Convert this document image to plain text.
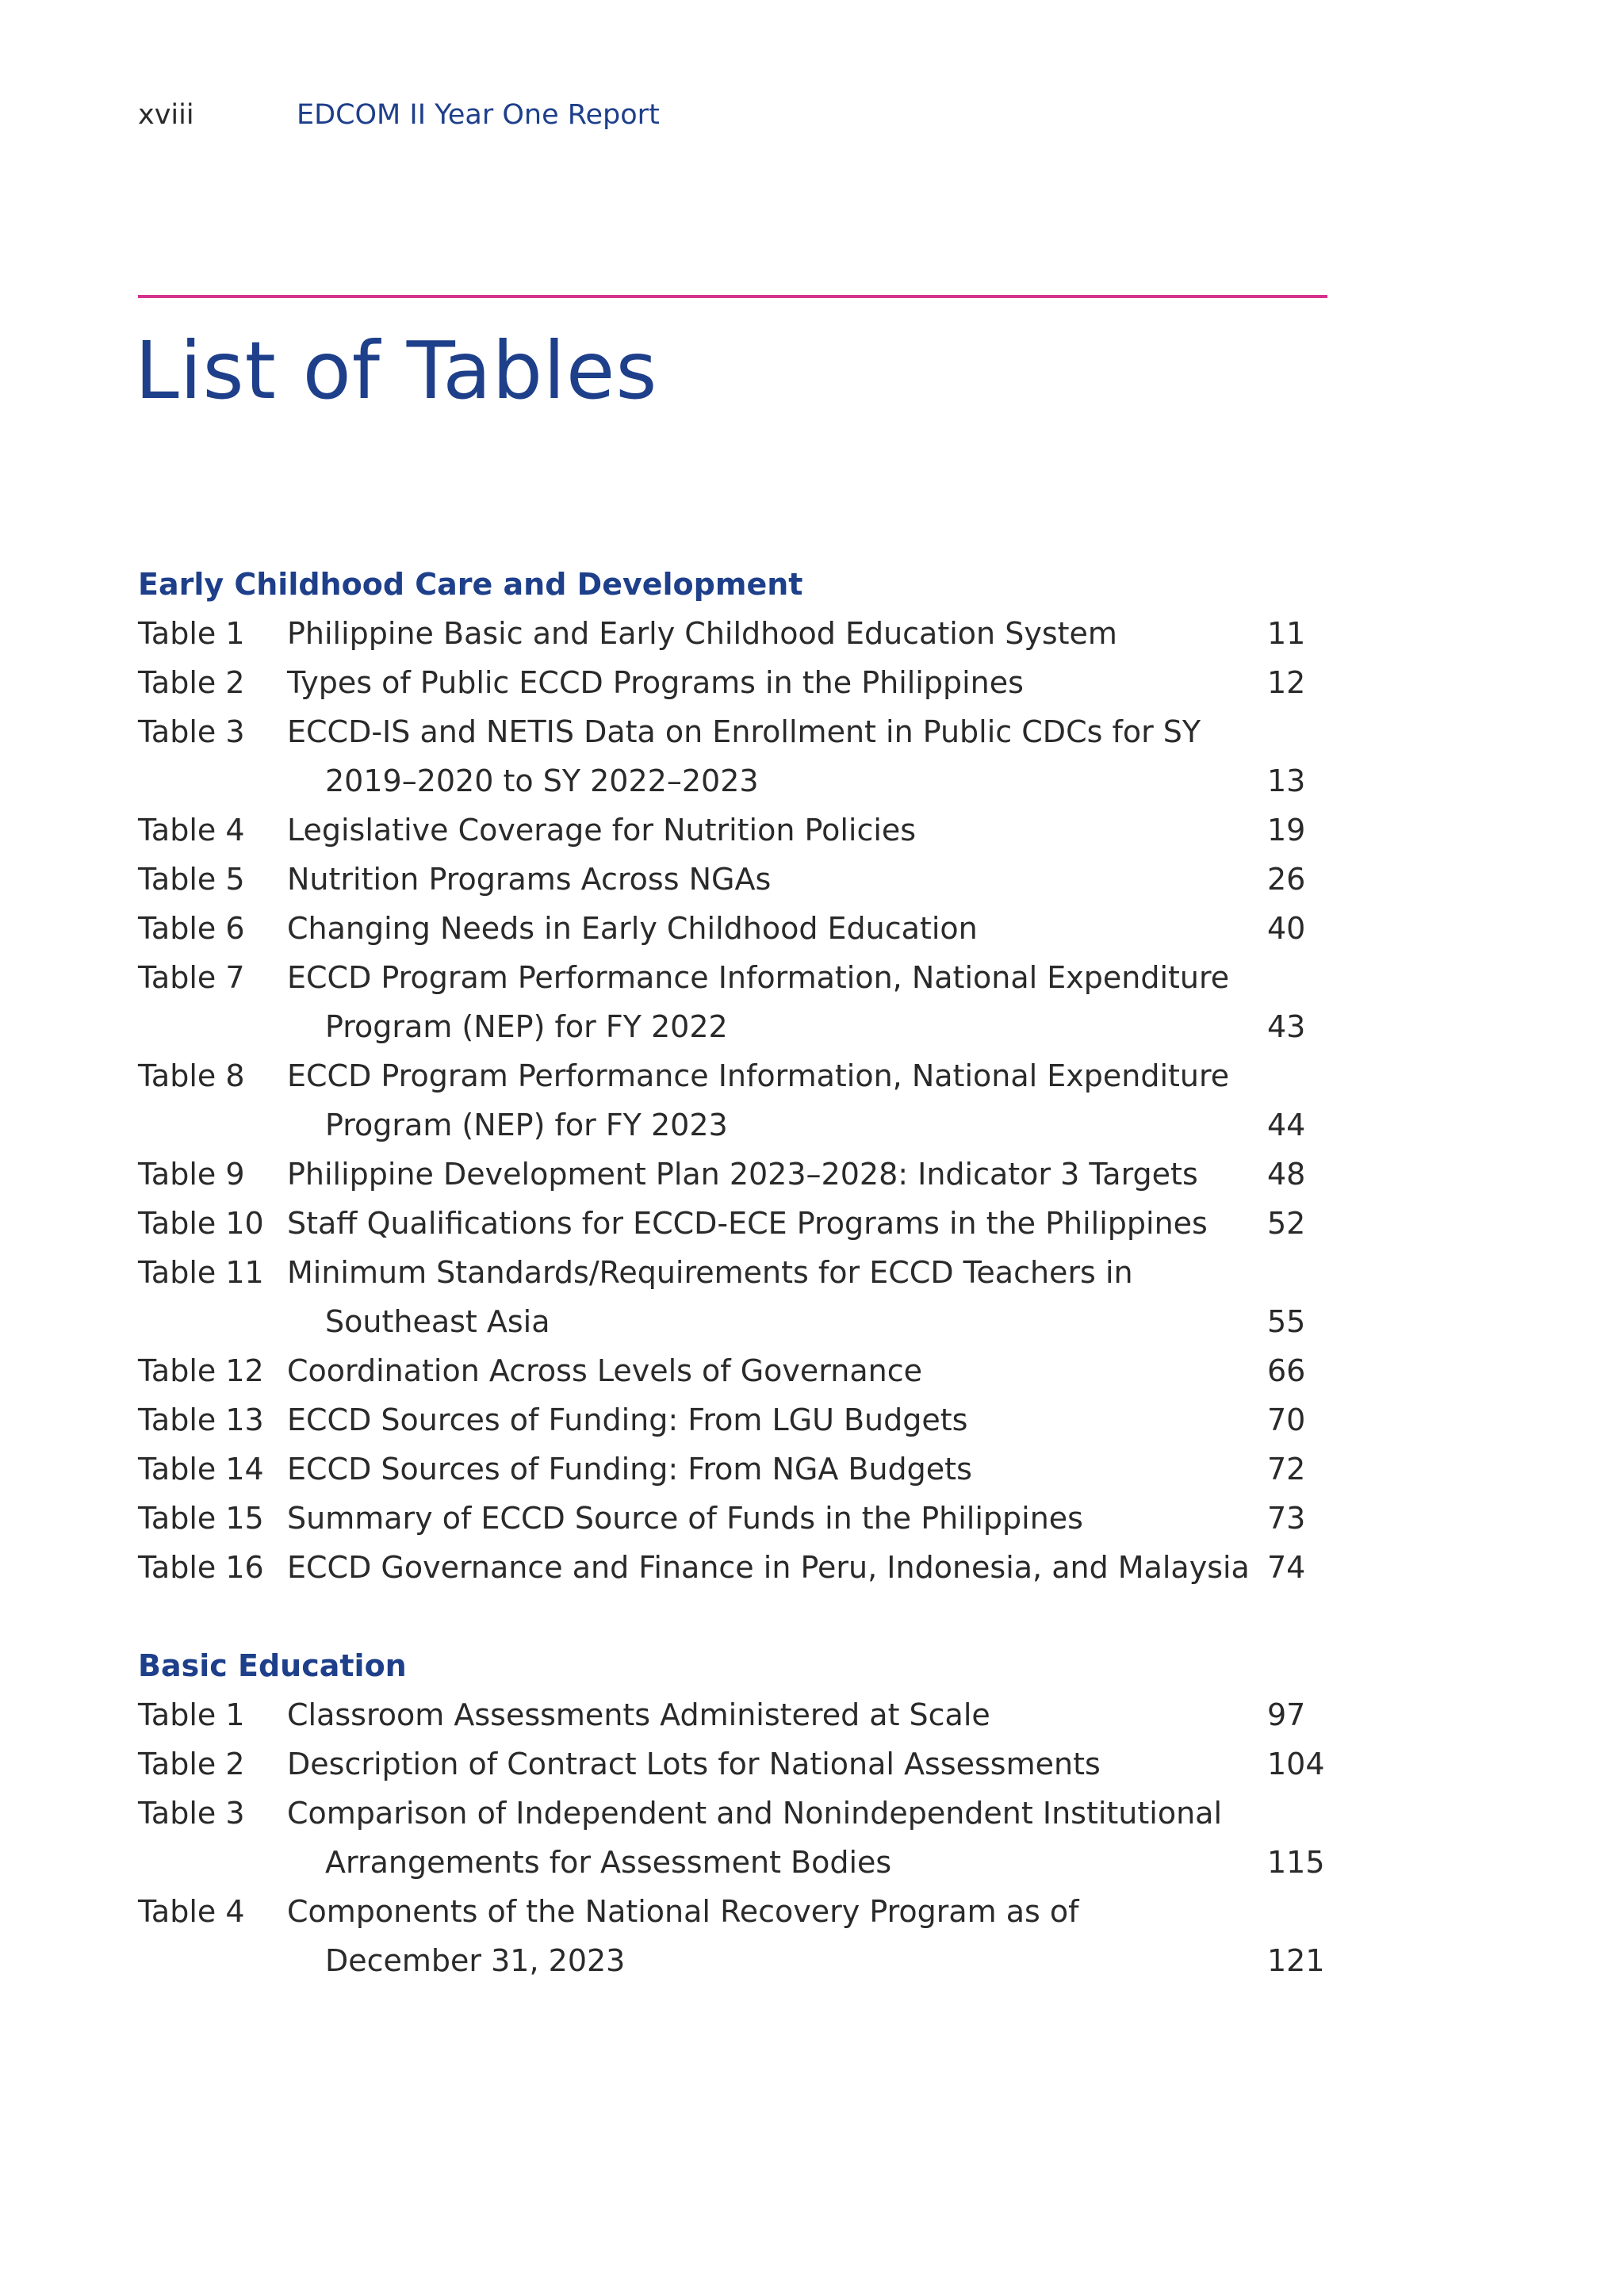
xviii	EDCOM II Year One Report
List of Tables
Early Childhood Care and Development
Table 1	Philippine Basic and Early Childhood Education System	11
Table 2	Types of Public ECCD Programs in the Philippines	12
Table 3	ECCD-IS and NETIS Data on Enrollment in Public CDCs for SY
2019–2020 to SY 2022–2023	13
Table 4	Legislative Coverage for Nutrition Policies	19
Table 5	Nutrition Programs Across NGAs	26
Table 6	Changing Needs in Early Childhood Education	40
Table 7	ECCD Program Performance Information, National Expenditure
Program (NEP) for FY 2022	43
Table 8	ECCD Program Performance Information, National Expenditure
Program (NEP) for FY 2023	44
Table 9	Philippine Development Plan 2023–2028: Indicator 3 Targets 48
Table 10 Staff Qualifications for ECCD-ECE Programs in the Philippines 52
Table 11 Minimum Standards/Requirements for ECCD Teachers in
Southeast Asia	55
Table 12 Coordination Across Levels of Governance	66
Table 13 ECCD Sources of Funding: From LGU Budgets	70
Table 14 ECCD Sources of Funding: From NGA Budgets	72
Table 15 Summary of ECCD Source of Funds in the Philippines	73
Table 16 ECCD Governance and Finance in Peru, Indonesia, and Malaysia 74
Basic Education
Table 1	Classroom Assessments Administered at Scale	97
Table 2	Description of Contract Lots for National Assessments	104
Table 3	Comparison of Independent and Nonindependent Institutional
Arrangements for Assessment Bodies	115
Table 4	Components of the National Recovery Program as of
December 31, 2023	121
